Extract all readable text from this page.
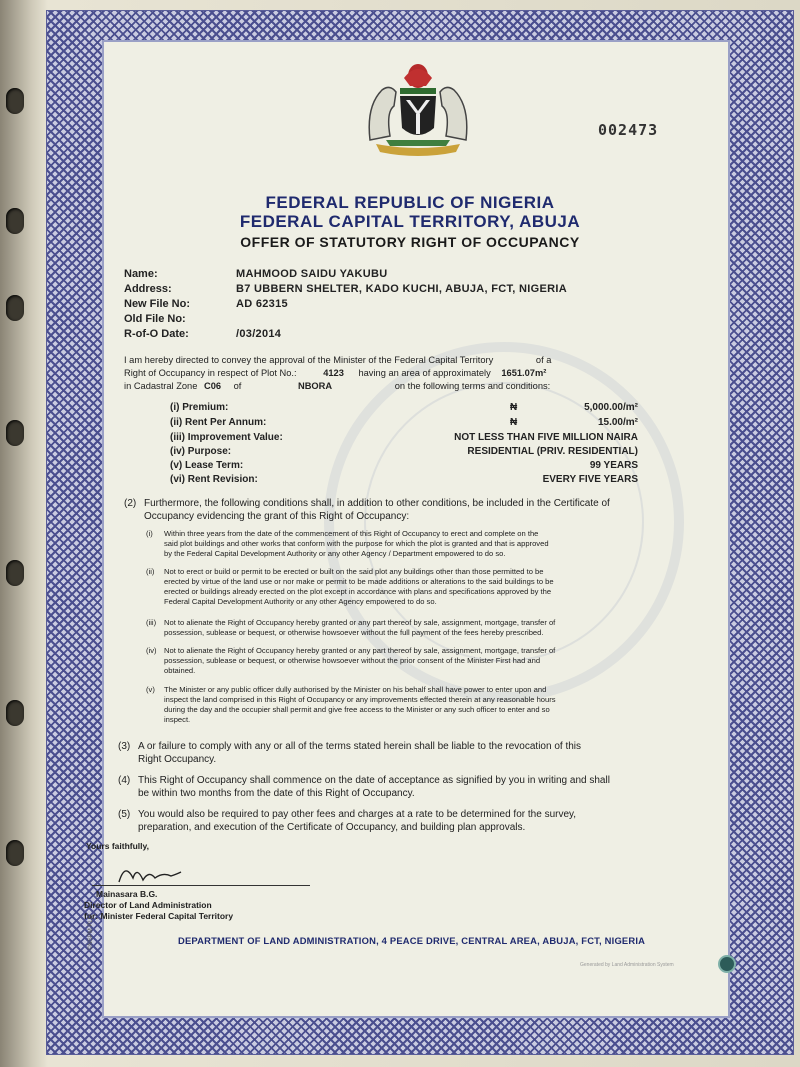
002473
FEDERAL REPUBLIC OF NIGERIA
FEDERAL CAPITAL TERRITORY, ABUJA
OFFER OF STATUTORY RIGHT OF OCCUPANCY
Name:	MAHMOOD SAIDU YAKUBU
Address:	B7 UBBERN SHELTER, KADO KUCHI, ABUJA, FCT, NIGERIA
New File No:	AD 62315
Old File No:
R-of-O Date:	/03/2014
I am hereby directed to convey the approval of the Minister of the Federal Capital Territory	of a
Right of Occupancy in respect of Plot No.:	4123 having an area of approximately 1651.07m²
in Cadastral Zone C06 of	NBORA	on the following terms and conditions:
(i) Premium:	₦	5,000.00/m²
(ii) Rent Per Annum:	₦	15.00/m²
(iii) Improvement Value:	NOT LESS THAN FIVE MILLION NAIRA
(iv) Purpose:	RESIDENTIAL (PRIV. RESIDENTIAL)
(v) Lease Term:	99 YEARS
(vi) Rent Revision:	EVERY FIVE YEARS
(2) Furthermore, the following conditions shall, in addition to other conditions, be included in the Certificate of
Occupancy evidencing the grant of this Right of Occupancy:
(i) Within three years from the date of the commencement of this Right of Occupancy to erect and complete on the
said plot buildings and other works that conform with the purpose for which the plot is granted and that is approved
by the Federal Capital Development Authority or any other Agency / Department empowered to do so.
(ii) Not to erect or build or permit to be erected or built on the said plot any buildings other than those permitted to be
erected by virtue of the land use or nor make or permit to be made additions or alterations to the said buildings to be
erected or buildings already erected on the plot except in accordance with plans and specifications approved by the
Federal Capital Development Authority or any other Agency empowered to do so.
(iii) Not to alienate the Right of Occupancy hereby granted or any part thereof by sale, assignment, mortgage, transfer of
possession, sublease or bequest, or otherwise howsoever without the full payment of the fees hereby prescribed.
(iv) Not to alienate the Right of Occupancy hereby granted or any part thereof by sale, assignment, mortgage, transfer of
possession, sublease or bequest, or otherwise howsoever without the prior consent of the Minister First had and
obtained.
(v) The Minister or any public officer dully authorised by the Minister on his behalf shall have power to enter upon and
inspect the land comprised in this Right of Occupancy or any improvements effected therein at any reasonable hours
during the day and the occupier shall permit and give free access to the Minister or any such officer to enter and so
inspect.
(3) A or failure to comply with any or all of the terms stated herein shall be liable to the revocation of this
Right Occupancy.
(4) This Right of Occupancy shall commence on the date of acceptance as signified by you in writing and shall
be within two months from the date of this Right of Occupancy.
(5) You would also be required to pay other fees and charges at a rate to be determined for the survey,
preparation, and execution of the Certificate of Occupancy, and building plan approvals.
Yours faithfully,
Mainasara B.G.
Director of Land Administration
for: Minister Federal Capital Territory
DEPARTMENT OF LAND ADMINISTRATION, 4 PEACE DRIVE, CENTRAL AREA, ABUJA, FCT, NIGERIA
©NSPM PLC
Generated by Land Administration System
